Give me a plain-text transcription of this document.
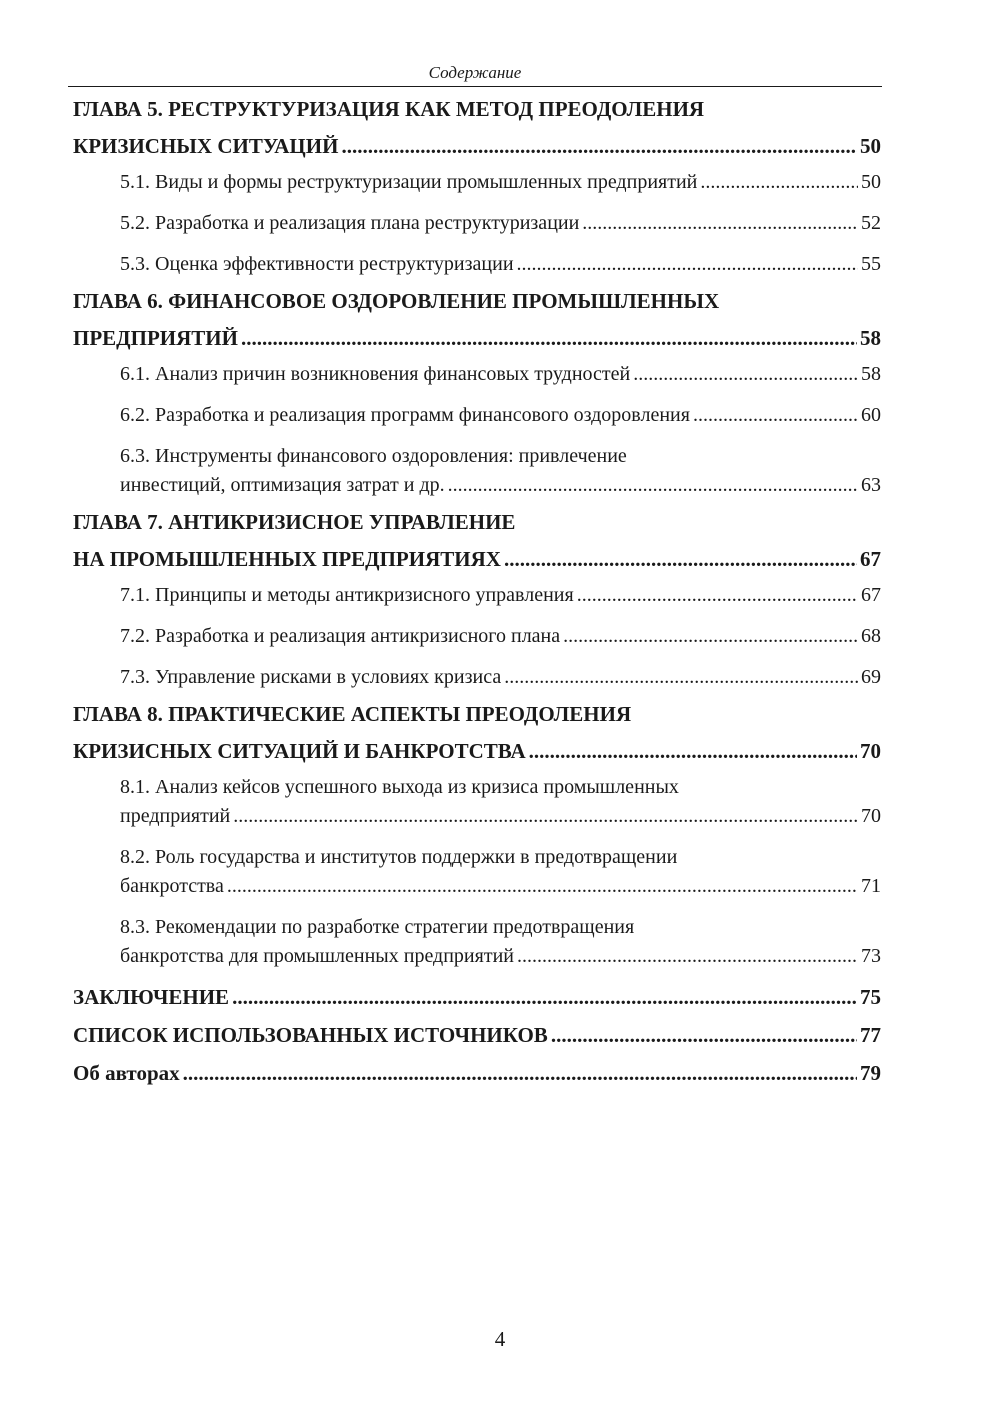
Содержание
ГЛАВА 5. РЕСТРУКТУРИЗАЦИЯ КАК МЕТОД ПРЕОДОЛЕНИЯ
КРИЗИСНЫХ СИТУАЦИЙ .....	50
5.1. Виды и формы реструктуризации промышленных предприятий .....	50
5.2. Разработка и реализация плана реструктуризации .....	52
5.3. Оценка эффективности реструктуризации .....	55
ГЛАВА 6. ФИНАНСОВОЕ ОЗДОРОВЛЕНИЕ ПРОМЫШЛЕННЫХ
ПРЕДПРИЯТИЙ .....	58
6.1. Анализ причин возникновения финансовых трудностей .....	58
6.2. Разработка и реализация программ финансового оздоровления .....	60
6.3. Инструменты финансового оздоровления: привлечение
инвестиций, оптимизация затрат и др. .....	63
ГЛАВА 7. АНТИКРИЗИСНОЕ УПРАВЛЕНИЕ
НА ПРОМЫШЛЕННЫХ ПРЕДПРИЯТИЯХ .....	67
7.1. Принципы и методы антикризисного управления .....	67
7.2. Разработка и реализация антикризисного плана .....	68
7.3. Управление рисками в условиях кризиса .....	69
ГЛАВА 8. ПРАКТИЧЕСКИЕ АСПЕКТЫ ПРЕОДОЛЕНИЯ
КРИЗИСНЫХ СИТУАЦИЙ И БАНКРОТСТВА .....	70
8.1. Анализ кейсов успешного выхода из кризиса промышленных
предприятий .....	70
8.2. Роль государства и институтов поддержки в предотвращении
банкротства .....	71
8.3. Рекомендации по разработке стратегии предотвращения
банкротства для промышленных предприятий .....	73
ЗАКЛЮЧЕНИЕ .....	75
СПИСОК ИСПОЛЬЗОВАННЫХ ИСТОЧНИКОВ .....	77
Об авторах .....	79
4
